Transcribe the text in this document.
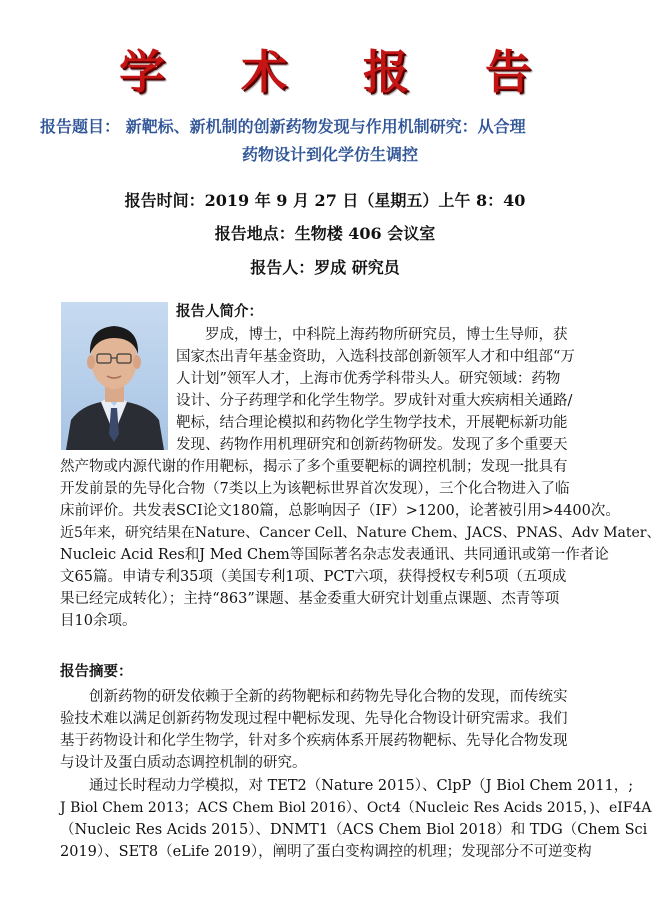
学 术 报 告
报告题目： 新靶标、新机制的创新药物发现与作用机制研究：从合理
药物设计到化学仿生调控
报告时间：2019 年 9 月 27 日（星期五）上午 8：40
报告地点：生物楼 406 会议室
报告人：罗成 研究员
报告人简介：
罗成，博士，中科院上海药物所研究员，博士生导师，获
国家杰出青年基金资助，入选科技部创新领军人才和中组部“万
人计划”领军人才，上海市优秀学科带头人。研究领域：药物
设计、分子药理学和化学生物学。罗成针对重大疾病相关通路/
靶标，结合理论模拟和药物化学生物学技术，开展靶标新功能
发现、药物作用机理研究和创新药物研发。发现了多个重要天
然产物或内源代谢的作用靶标，揭示了多个重要靶标的调控机制；发现一批具有
开发前景的先导化合物（7类以上为该靶标世界首次发现），三个化合物进入了临
床前评价。共发表SCI论文180篇，总影响因子（IF）>1200，论著被引用>4400次。
近5年来，研究结果在Nature、Cancer Cell、Nature Chem、JACS、PNAS、Adv Mater、
Nucleic Acid Res和J Med Chem等国际著名杂志发表通讯、共同通讯或第一作者论
文65篇。申请专利35项（美国专利1项、PCT六项，获得授权专利5项（五项成
果已经完成转化）；主持“863”课题、基金委重大研究计划重点课题、杰青等项
目10余项。
报告摘要：
创新药物的研发依赖于全新的药物靶标和药物先导化合物的发现，而传统实
验技术难以满足创新药物发现过程中靶标发现、先导化合物设计研究需求。我们
基于药物设计和化学生物学，针对多个疾病体系开展药物靶标、先导化合物发现
与设计及蛋白质动态调控机制的研究。
通过长时程动力学模拟，对 TET2（Nature 2015）、ClpP（J Biol Chem 2011，;
J Biol Chem 2013；ACS Chem Biol 2016）、Oct4（Nucleic Res Acids 2015，)、eIF4A
（Nucleic Res Acids 2015）、DNMT1（ACS Chem Biol 2018）和 TDG（Chem Sci
2019）、SET8（eLife 2019），阐明了蛋白变构调控的机理；发现部分不可逆变构
